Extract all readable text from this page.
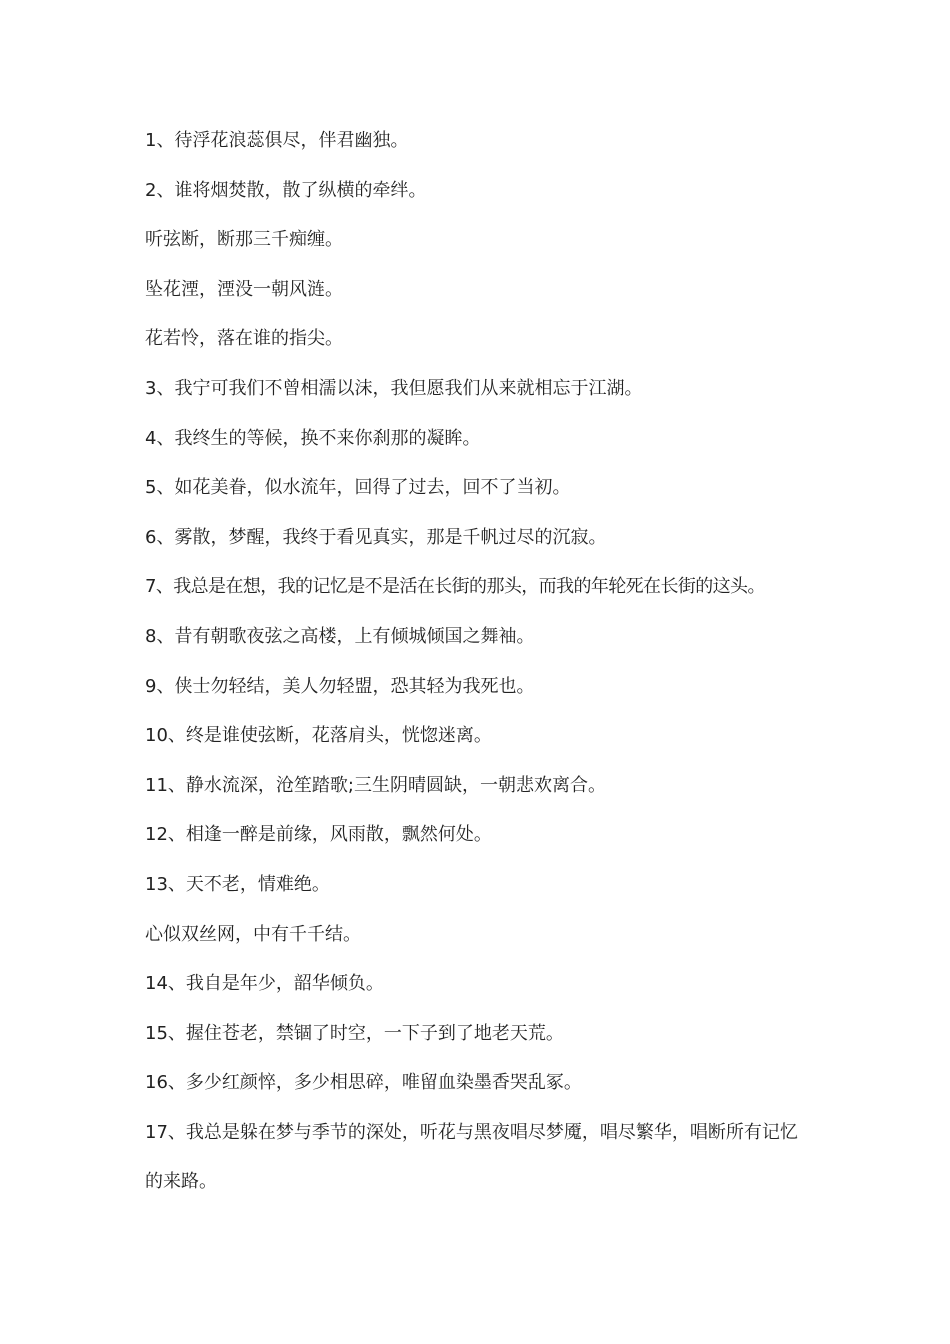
1、待浮花浪蕊俱尽，伴君幽独。

2、谁将烟焚散，散了纵横的牵绊。

听弦断，断那三千痴缠。

坠花湮，湮没一朝风涟。

花若怜，落在谁的指尖。

3、我宁可我们不曾相濡以沫，我但愿我们从来就相忘于江湖。

4、我终生的等候，换不来你刹那的凝眸。

5、如花美眷，似水流年，回得了过去，回不了当初。

6、雾散，梦醒，我终于看见真实，那是千帆过尽的沉寂。

7、我总是在想，我的记忆是不是活在长街的那头，而我的年轮死在长街的这头。

8、昔有朝歌夜弦之高楼，上有倾城倾国之舞袖。

9、侠士勿轻结，美人勿轻盟，恐其轻为我死也。

10、终是谁使弦断，花落肩头，恍惚迷离。

11、静水流深，沧笙踏歌;三生阴晴圆缺，一朝悲欢离合。

12、相逢一醉是前缘，风雨散，飘然何处。

13、天不老，情难绝。

心似双丝网，中有千千结。

14、我自是年少，韶华倾负。

15、握住苍老，禁锢了时空，一下子到了地老天荒。

16、多少红颜悴，多少相思碎，唯留血染墨香哭乱冢。

17、我总是躲在梦与季节的深处，听花与黑夜唱尽梦魇，唱尽繁华，唱断所有记忆的来路。
